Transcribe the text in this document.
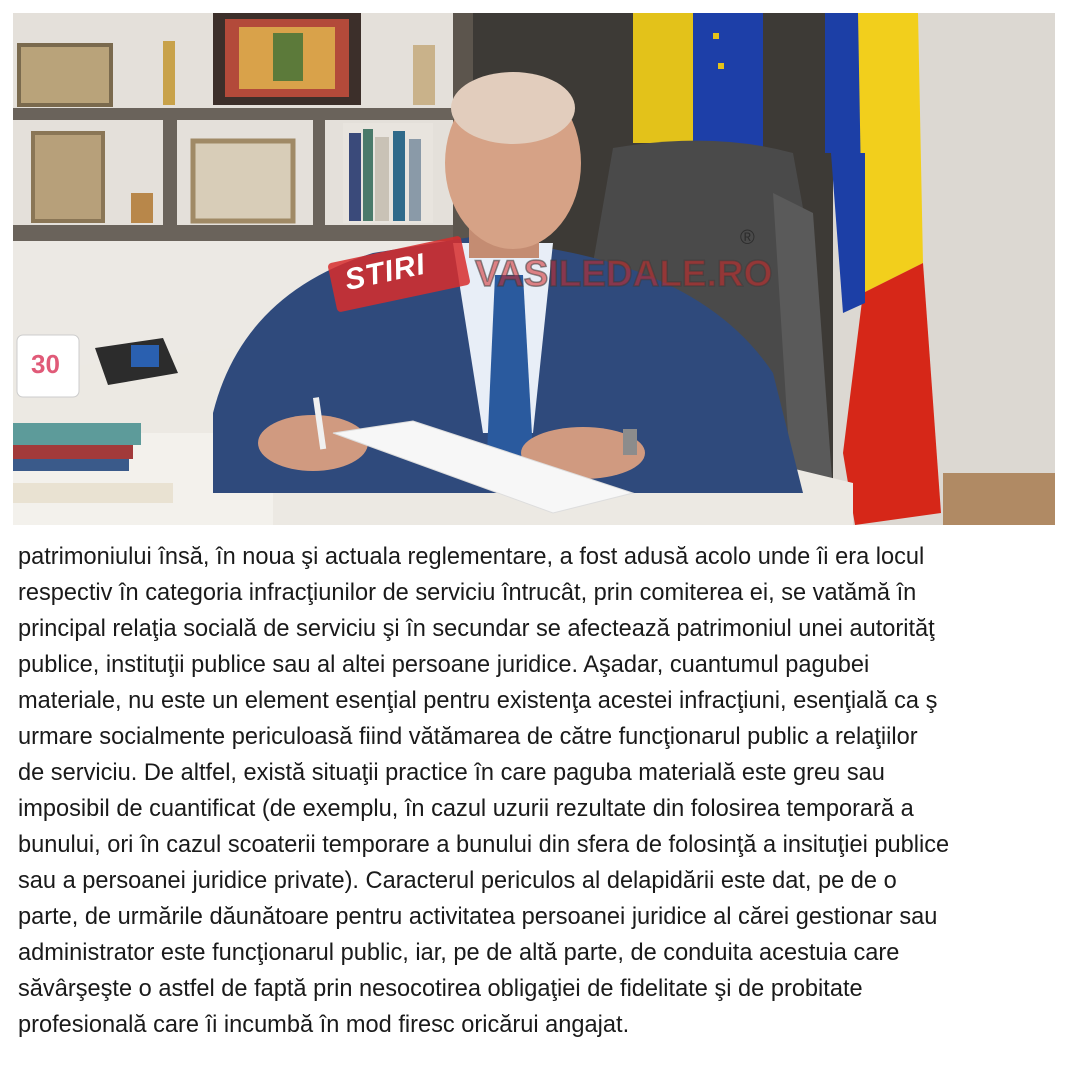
30
STIRI VASILEDALE.RO
®
patrimoniului însă, în noua şi actuala reglementare, a fost adusă acolo unde îi era locul
respectiv în categoria infracţiunilor de serviciu întrucât, prin comiterea ei, se vatămă în
principal relaţia socială de serviciu şi în secundar se afectează patrimoniul unei autorităţ
publice, instituţii publice sau al altei persoane juridice. Aşadar, cuantumul pagubei
materiale, nu este un element esenţial pentru existenţa acestei infracţiuni, esenţială ca ş
urmare socialmente periculoasă fiind vătămarea de către funcţionarul public a relaţiilor
de serviciu. De altfel, există situaţii practice în care paguba materială este greu sau
imposibil de cuantificat (de exemplu, în cazul uzurii rezultate din folosirea temporară a
bunului, ori în cazul scoaterii temporare a bunului din sfera de folosinţă a insituţiei publice
sau a persoanei juridice private). Caracterul periculos al delapidării este dat, pe de o
parte, de urmările dăunătoare pentru activitatea persoanei juridice al cărei gestionar sau
administrator este funcţionarul public, iar, pe de altă parte, de conduita acestuia care
săvârşeşte o astfel de faptă prin nesocotirea obligaţiei de fidelitate şi de probitate
profesională care îi incumbă în mod firesc oricărui angajat.
